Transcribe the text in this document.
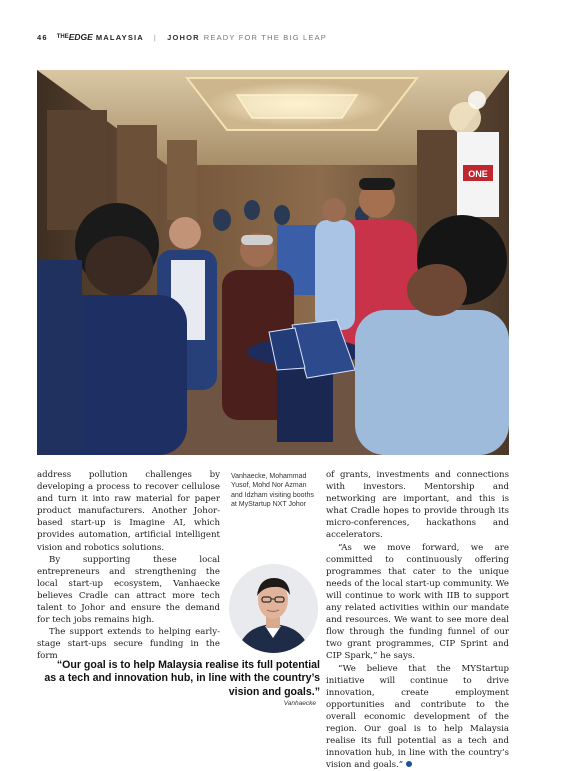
46 THE EDGE MALAYSIA | JOHOR READY FOR THE BIG LEAP
ONE

address pollution challenges by developing a process to recover cellulose and turn it into raw material for paper product manufacturers. Another Johor-based start-up is Imagine AI, which provides automation, artificial intelligent vision and robotics solutions.

By supporting these local entrepreneurs and strengthening the local start-up ecosystem, Vanhaecke believes Cradle can attract more tech talent to Johor and ensure the demand for tech jobs remains high.

The support extends to helping early-stage start-ups secure funding in the form

Vanhaecke, Mohammad Yusof, Mohd Nor Azman and Idzham visiting booths at MyStartup NXT Johor
“Our goal is to help Malaysia realise its full potential as a tech and innovation hub, in line with the country’s vision and goals.”
Vanhaecke

of grants, investments and connections with investors. Mentorship and networking are important, and this is what Cradle hopes to provide through its micro-conferences, hackathons and accelerators.

“As we move forward, we are committed to continuously offering programmes that cater to the unique needs of the local start-up community. We will continue to work with IIB to support any related activities within our mandate and resources. We want to see more deal flow through the funding funnel of our two grant programmes, CIP Sprint and CIP Spark,” he says.

“We believe that the MYStartup initiative will continue to drive innovation, create employment opportunities and contribute to the overall economic development of the region. Our goal is to help Malaysia realise its full potential as a tech and innovation hub, in line with the country’s vision and goals.”
